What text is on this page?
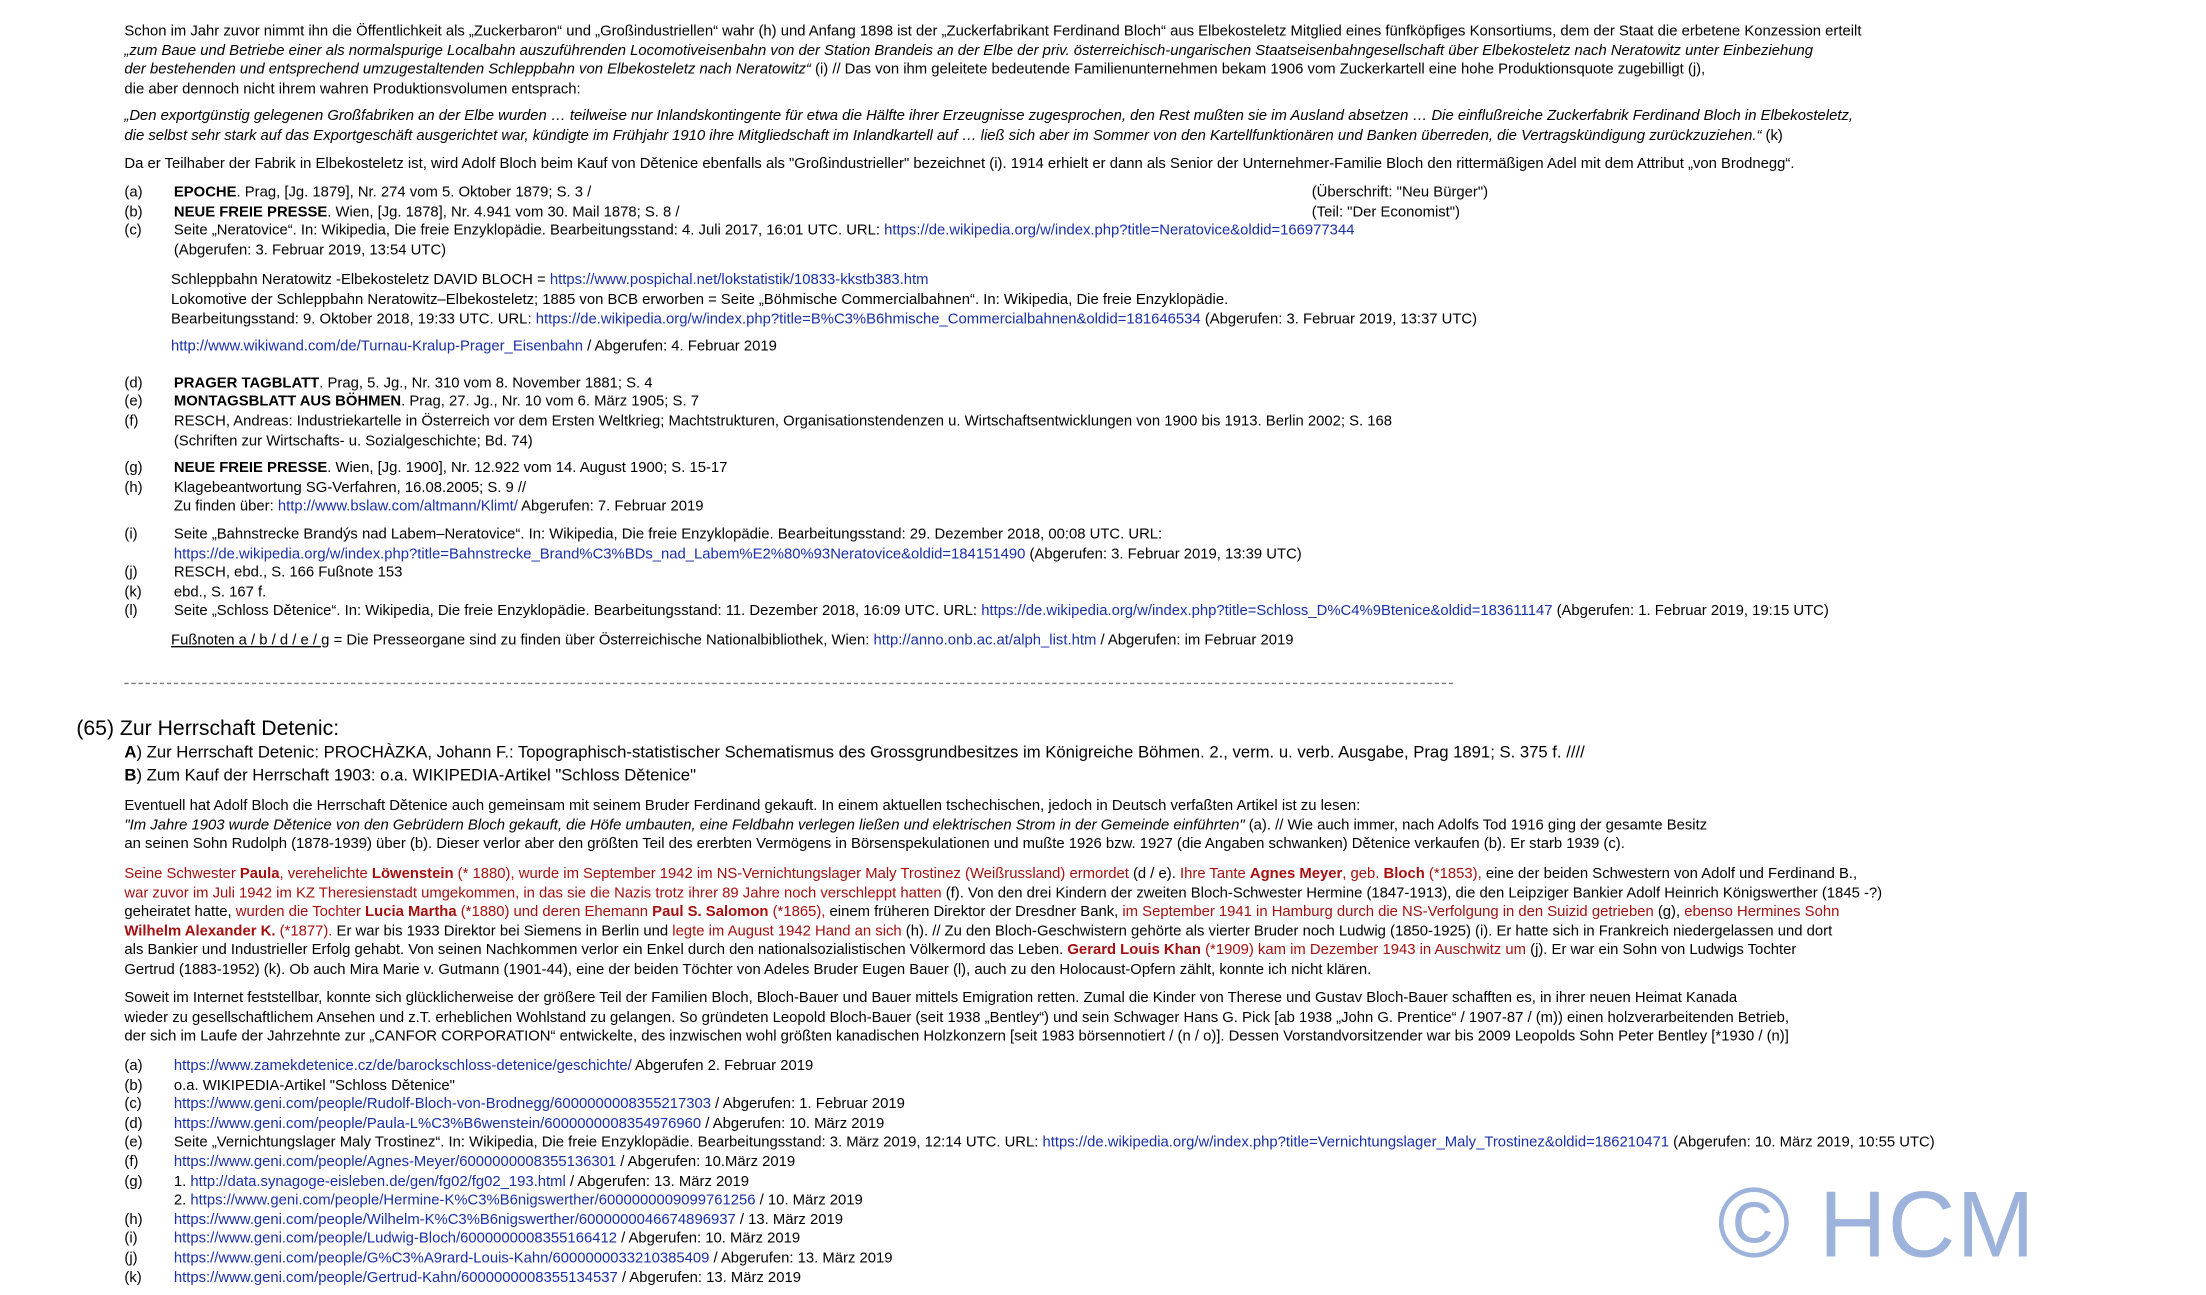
Schon im Jahr zuvor nimmt ihn die Öffentlichkeit als „Zuckerbaron“ und „Großindustriellen“ wahr (h) und Anfang 1898 ist der „Zuckerfabrikant Ferdinand Bloch“ aus Elbekosteletz Mitglied eines fünfköpfiges Konsortiums, dem der Staat die erbetene Konzession erteilt

„zum Baue und Betriebe einer als normalspurige Localbahn auszuführenden Locomotiveisenbahn von der Station Brandeis an der Elbe der priv. österreichisch-ungarischen Staatseisenbahngesellschaft über Elbekosteletz nach Neratowitz unter Einbeziehung

der bestehenden und entsprechend umzugestaltenden Schleppbahn von Elbekosteletz nach Neratowitz“ (i) // Das von ihm geleitete bedeutende Familienunternehmen bekam 1906 vom Zuckerkartell eine hohe Produktionsquote zugebilligt (j),

die aber dennoch nicht ihrem wahren Produktionsvolumen entsprach:

„Den exportgünstig gelegenen Großfabriken an der Elbe wurden … teilweise nur Inlandskontingente für etwa die Hälfte ihrer Erzeugnisse zugesprochen, den Rest mußten sie im Ausland absetzen … Die einflußreiche Zuckerfabrik Ferdinand Bloch in Elbekosteletz,

die selbst sehr stark auf das Exportgeschäft ausgerichtet war, kündigte im Frühjahr 1910 ihre Mitgliedschaft im Inlandkartell auf … ließ sich aber im Sommer von den Kartellfunktionären und Banken überreden, die Vertragskündigung zurückzuziehen.“ (k)

Da er Teilhaber der Fabrik in Elbekosteletz ist, wird Adolf Bloch beim Kauf von Dětenice ebenfalls als "Großindustrieller" bezeichnet (i). 1914 erhielt er dann als Senior der Unternehmer-Familie Bloch den rittermäßigen Adel mit dem Attribut „von Brodnegg“.

(a)	EPOCHE. Prag, [Jg. 1879], Nr. 274 vom 5. Oktober 1879; S. 3 /	(Überschrift: "Neu Bürger")
(b)	NEUE FREIE PRESSE. Wien, [Jg. 1878], Nr. 4.941 vom 30. Mail 1878; S. 8 /	(Teil: "Der Economist")
(c)	Seite „Neratovice“. In: Wikipedia, Die freie Enzyklopädie. Bearbeitungsstand: 4. Juli 2017, 16:01 UTC. URL: https://de.wikipedia.org/w/index.php?title=Neratovice&oldid=166977344
(Abgerufen: 3. Februar 2019, 13:54 UTC)
Schleppbahn Neratowitz -Elbekosteletz DAVID BLOCH = https://www.pospichal.net/lokstatistik/10833-kkstb383.htm
Lokomotive der Schleppbahn Neratowitz–Elbekosteletz; 1885 von BCB erworben = Seite „Böhmische Commercialbahnen“. In: Wikipedia, Die freie Enzyklopädie.
Bearbeitungsstand: 9. Oktober 2018, 19:33 UTC. URL: https://de.wikipedia.org/w/index.php?title=B%C3%B6hmische_Commercialbahnen&oldid=181646534 (Abgerufen: 3. Februar 2019, 13:37 UTC)
http://www.wikiwand.com/de/Turnau-Kralup-Prager_Eisenbahn / Abgerufen: 4. Februar 2019
(d)	PRAGER TAGBLATT. Prag, 5. Jg., Nr. 310 vom 8. November 1881; S. 4
(e)	MONTAGSBLATT AUS BÖHMEN. Prag, 27. Jg., Nr. 10 vom 6. März 1905; S. 7
(f)	RESCH, Andreas: Industriekartelle in Österreich vor dem Ersten Weltkrieg; Machtstrukturen, Organisationstendenzen u. Wirtschaftsentwicklungen von 1900 bis 1913. Berlin 2002; S. 168
(Schriften zur Wirtschafts- u. Sozialgeschichte; Bd. 74)
(g)	NEUE FREIE PRESSE. Wien, [Jg. 1900], Nr. 12.922 vom 14. August 1900; S. 15-17
(h)	Klagebeantwortung SG-Verfahren, 16.08.2005; S. 9 //
Zu finden über: http://www.bslaw.com/altmann/Klimt/ Abgerufen: 7. Februar 2019
(i)	Seite „Bahnstrecke Brandýs nad Labem–Neratovice“. In: Wikipedia, Die freie Enzyklopädie. Bearbeitungsstand: 29. Dezember 2018, 00:08 UTC. URL:
https://de.wikipedia.org/w/index.php?title=Bahnstrecke_Brand%C3%BDs_nad_Labem%E2%80%93Neratovice&oldid=184151490 (Abgerufen: 3. Februar 2019, 13:39 UTC)
(j)	RESCH, ebd., S. 166 Fußnote 153
(k)	ebd., S. 167 f.
(l)	Seite „Schloss Dětenice“. In: Wikipedia, Die freie Enzyklopädie. Bearbeitungsstand: 11. Dezember 2018, 16:09 UTC. URL: https://de.wikipedia.org/w/index.php?title=Schloss_D%C4%9Btenice&oldid=183611147 (Abgerufen: 1. Februar 2019, 19:15 UTC)
Fußnoten a / b / d / e / g = Die Presseorgane sind zu finden über Österreichische Nationalbibliothek, Wien: http://anno.onb.ac.at/alph_list.htm / Abgerufen: im Februar 2019
(65) Zur Herrschaft Detenic:
A) Zur Herrschaft Detenic: PROCHÀZKA, Johann F.: Topographisch-statistischer Schematismus des Grossgrundbesitzes im Königreiche Böhmen. 2., verm. u. verb. Ausgabe, Prag 1891; S. 375 f. ////
B) Zum Kauf der Herrschaft 1903: o.a. WIKIPEDIA-Artikel "Schloss Dětenice"

Eventuell hat Adolf Bloch die Herrschaft Dětenice auch gemeinsam mit seinem Bruder Ferdinand gekauft. In einem aktuellen tschechischen, jedoch in Deutsch verfaßten Artikel ist zu lesen:

"Im Jahre 1903 wurde Dětenice von den Gebrüdern Bloch gekauft, die Höfe umbauten, eine Feldbahn verlegen ließen und elektrischen Strom in der Gemeinde einführten" (a). // Wie auch immer, nach Adolfs Tod 1916 ging der gesamte Besitz

an seinen Sohn Rudolph (1878-1939) über (b). Dieser verlor aber den größten Teil des ererbten Vermögens in Börsenspekulationen und mußte 1926 bzw. 1927 (die Angaben schwanken) Dětenice verkaufen (b). Er starb 1939 (c).

Seine Schwester Paula, verehelichte Löwenstein (* 1880), wurde im September 1942 im NS-Vernichtungslager Maly Trostinez (Weißrussland) ermordet (d / e). Ihre Tante Agnes Meyer, geb. Bloch (*1853), eine der beiden Schwestern von Adolf und Ferdinand B.,

war zuvor im Juli 1942 im KZ Theresienstadt umgekommen, in das sie die Nazis trotz ihrer 89 Jahre noch verschleppt hatten (f). Von den drei Kindern der zweiten Bloch-Schwester Hermine (1847-1913), die den Leipziger Bankier Adolf Heinrich Königswerther (1845 -?)

geheiratet hatte, wurden die Tochter Lucia Martha (*1880) und deren Ehemann Paul S. Salomon (*1865), einem früheren Direktor der Dresdner Bank, im September 1941 in Hamburg durch die NS-Verfolgung in den Suizid getrieben (g), ebenso Hermines Sohn

Wilhelm Alexander K. (*1877). Er war bis 1933 Direktor bei Siemens in Berlin und legte im August 1942 Hand an sich (h). // Zu den Bloch-Geschwistern gehörte als vierter Bruder noch Ludwig (1850-1925) (i). Er hatte sich in Frankreich niedergelassen und dort

als Bankier und Industrieller Erfolg gehabt. Von seinen Nachkommen verlor ein Enkel durch den nationalsozialistischen Völkermord das Leben. Gerard Louis Khan (*1909) kam im Dezember 1943 in Auschwitz um (j). Er war ein Sohn von Ludwigs Tochter

Gertrud (1883-1952) (k). Ob auch Mira Marie v. Gutmann (1901-44), eine der beiden Töchter von Adeles Bruder Eugen Bauer (l), auch zu den Holocaust-Opfern zählt, konnte ich nicht klären.

Soweit im Internet feststellbar, konnte sich glücklicherweise der größere Teil der Familien Bloch, Bloch-Bauer und Bauer mittels Emigration retten. Zumal die Kinder von Therese und Gustav Bloch-Bauer schafften es, in ihrer neuen Heimat Kanada

wieder zu gesellschaftlichem Ansehen und z.T. erheblichen Wohlstand zu gelangen. So gründeten Leopold Bloch-Bauer (seit 1938 „Bentley“) und sein Schwager Hans G. Pick [ab 1938 „John G. Prentice“ / 1907-87 / (m)) einen holzverarbeitenden Betrieb,

der sich im Laufe der Jahrzehnte zur „CANFOR CORPORATION“ entwickelte, des inzwischen wohl größten kanadischen Holzkonzern [seit 1983 börsennotiert / (n / o)]. Dessen Vorstandvorsitzender war bis 2009 Leopolds Sohn Peter Bentley [*1930 / (n)]

(a)	https://www.zamekdetenice.cz/de/barockschloss-detenice/geschichte/ Abgerufen 2. Februar 2019
(b)	o.a. WIKIPEDIA-Artikel "Schloss Dětenice"
(c)	https://www.geni.com/people/Rudolf-Bloch-von-Brodnegg/6000000008355217303 / Abgerufen: 1. Februar 2019
(d)	https://www.geni.com/people/Paula-L%C3%B6wenstein/6000000008354976960 / Abgerufen: 10. März 2019
(e)	Seite „Vernichtungslager Maly Trostinez“. In: Wikipedia, Die freie Enzyklopädie. Bearbeitungsstand: 3. März 2019, 12:14 UTC. URL: https://de.wikipedia.org/w/index.php?title=Vernichtungslager_Maly_Trostinez&oldid=186210471 (Abgerufen: 10. März 2019, 10:55 UTC)
(f)	https://www.geni.com/people/Agnes-Meyer/6000000008355136301 / Abgerufen: 10.März 2019
(g)	1. http://data.synagoge-eisleben.de/gen/fg02/fg02_193.html / Abgerufen: 13. März 2019
2. https://www.geni.com/people/Hermine-K%C3%B6nigswerther/6000000009099761256 / 10. März 2019
(h)	https://www.geni.com/people/Wilhelm-K%C3%B6nigswerther/6000000046674896937 / 13. März 2019
(i)	https://www.geni.com/people/Ludwig-Bloch/6000000008355166412 / Abgerufen: 10. März 2019
(j)	https://www.geni.com/people/G%C3%A9rard-Louis-Kahn/6000000033210385409 / Abgerufen: 13. März 2019
(k)	https://www.geni.com/people/Gertrud-Kahn/6000000008355134537 / Abgerufen: 13. März 2019	© HCM
